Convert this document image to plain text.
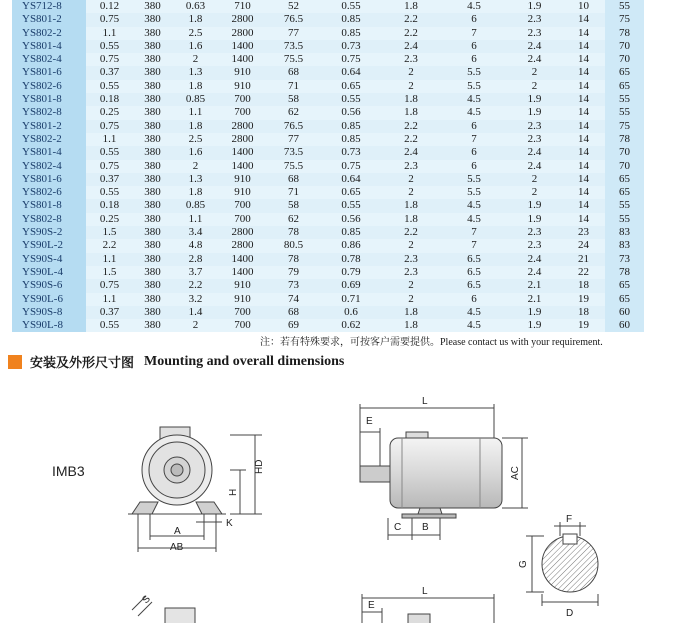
YS712-8	0.12	380	0.63	710	52	0.55	1.8	4.5	1.9	10	55
YS801-2	0.75	380	1.8	2800	76.5	0.85	2.2	6	2.3	14	75
YS802-2	1.1	380	2.5	2800	77	0.85	2.2	7	2.3	14	78
YS801-4	0.55	380	1.6	1400	73.5	0.73	2.4	6	2.4	14	70
YS802-4	0.75	380	2	1400	75.5	0.75	2.3	6	2.4	14	70
YS801-6	0.37	380	1.3	910	68	0.64	2	5.5	2	14	65
YS802-6	0.55	380	1.8	910	71	0.65	2	5.5	2	14	65
YS801-8	0.18	380	0.85	700	58	0.55	1.8	4.5	1.9	14	55
YS802-8	0.25	380	1.1	700	62	0.56	1.8	4.5	1.9	14	55
YS801-2	0.75	380	1.8	2800	76.5	0.85	2.2	6	2.3	14	75
YS802-2	1.1	380	2.5	2800	77	0.85	2.2	7	2.3	14	78
YS801-4	0.55	380	1.6	1400	73.5	0.73	2.4	6	2.4	14	70
YS802-4	0.75	380	2	1400	75.5	0.75	2.3	6	2.4	14	70
YS801-6	0.37	380	1.3	910	68	0.64	2	5.5	2	14	65
YS802-6	0.55	380	1.8	910	71	0.65	2	5.5	2	14	65
YS801-8	0.18	380	0.85	700	58	0.55	1.8	4.5	1.9	14	55
YS802-8	0.25	380	1.1	700	62	0.56	1.8	4.5	1.9	14	55
YS90S-2	1.5	380	3.4	2800	78	0.85	2.2	7	2.3	23	83
YS90L-2	2.2	380	4.8	2800	80.5	0.86	2	7	2.3	24	83
YS90S-4	1.1	380	2.8	1400	78	0.78	2.3	6.5	2.4	21	73
YS90L-4	1.5	380	3.7	1400	79	0.79	2.3	6.5	2.4	22	78
YS90S-6	0.75	380	2.2	910	73	0.69	2	6.5	2.1	18	65
YS90L-6	1.1	380	3.2	910	74	0.71	2	6	2.1	19	65
YS90S-8	0.37	380	1.4	700	68	0.6	1.8	4.5	1.9	18	60
YS90L-8	0.55	380	2	700	69	0.62	1.8	4.5	1.9	19	60
注：若有特殊要求，可按客户需要提供。Please contact us with your requirement.
安装及外形尺寸图 Mounting and overall dimensions
IMB3	HD
H
A
AB
K
L
E
AC
C B
F
G
D
S
L
E
